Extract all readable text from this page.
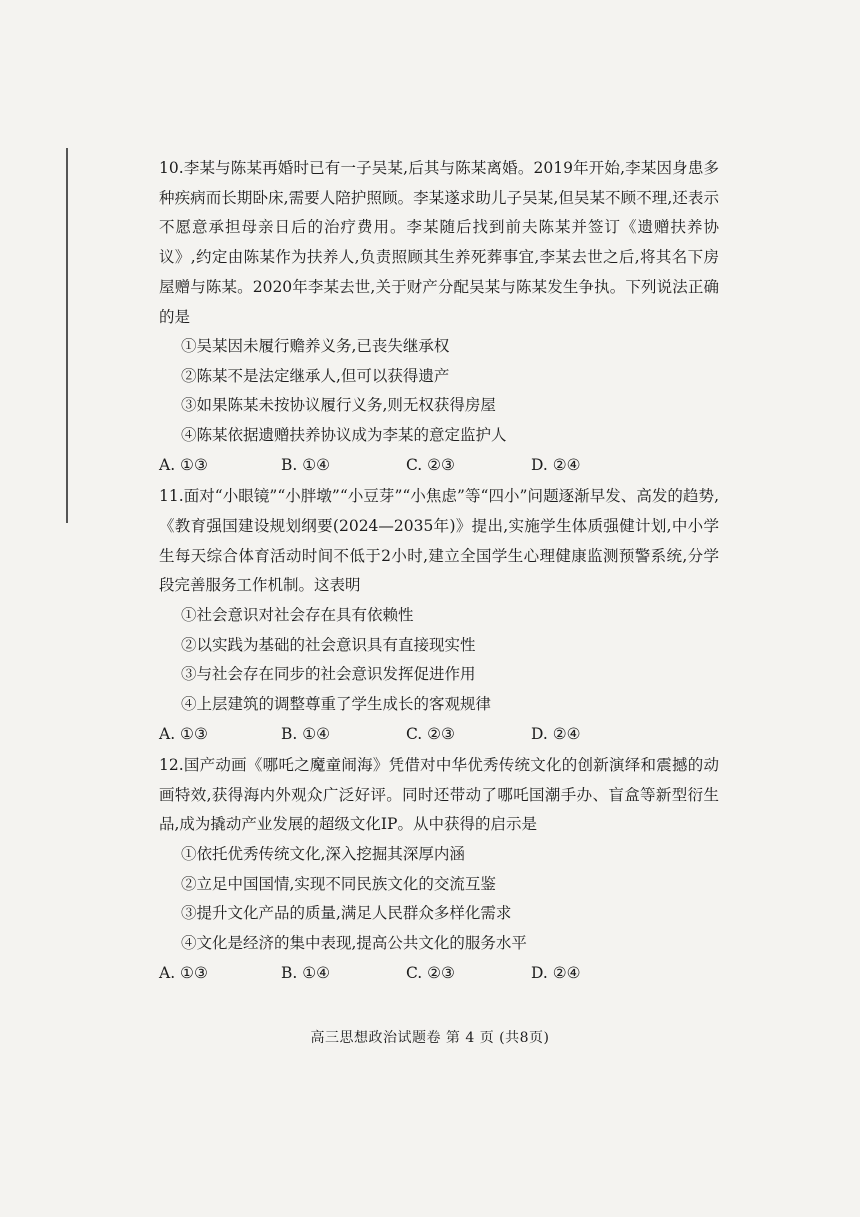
10.李某与陈某再婚时已有一子吴某,后其与陈某离婚。2019年开始,李某因身患多种疾病而长期卧床,需要人陪护照顾。李某遂求助儿子吴某,但吴某不顾不理,还表示不愿意承担母亲日后的治疗费用。李某随后找到前夫陈某并签订《遗赠扶养协议》,约定由陈某作为扶养人,负责照顾其生养死葬事宜,李某去世之后,将其名下房屋赠与陈某。2020年李某去世,关于财产分配吴某与陈某发生争执。下列说法正确的是

①吴某因未履行赡养义务,已丧失继承权

②陈某不是法定继承人,但可以获得遗产

③如果陈某未按协议履行义务,则无权获得房屋

④陈某依据遗赠扶养协议成为李某的意定监护人

A. ①③	B. ①④	C. ②③	D. ②④

11.面对“小眼镜”“小胖墩”“小豆芽”“小焦虑”等“四小”问题逐渐早发、高发的趋势,《教育强国建设规划纲要(2024—2035年)》提出,实施学生体质强健计划,中小学生每天综合体育活动时间不低于2小时,建立全国学生心理健康监测预警系统,分学段完善服务工作机制。这表明

①社会意识对社会存在具有依赖性

②以实践为基础的社会意识具有直接现实性

③与社会存在同步的社会意识发挥促进作用

④上层建筑的调整尊重了学生成长的客观规律

A. ①③	B. ①④	C. ②③	D. ②④

12.国产动画《哪吒之魔童闹海》凭借对中华优秀传统文化的创新演绎和震撼的动画特效,获得海内外观众广泛好评。同时还带动了哪吒国潮手办、盲盒等新型衍生品,成为撬动产业发展的超级文化IP。从中获得的启示是

①依托优秀传统文化,深入挖掘其深厚内涵

②立足中国国情,实现不同民族文化的交流互鉴

③提升文化产品的质量,满足人民群众多样化需求

④文化是经济的集中表现,提高公共文化的服务水平

A. ①③	B. ①④	C. ②③	D. ②④
高三思想政治试题卷 第 4 页 (共8页)
